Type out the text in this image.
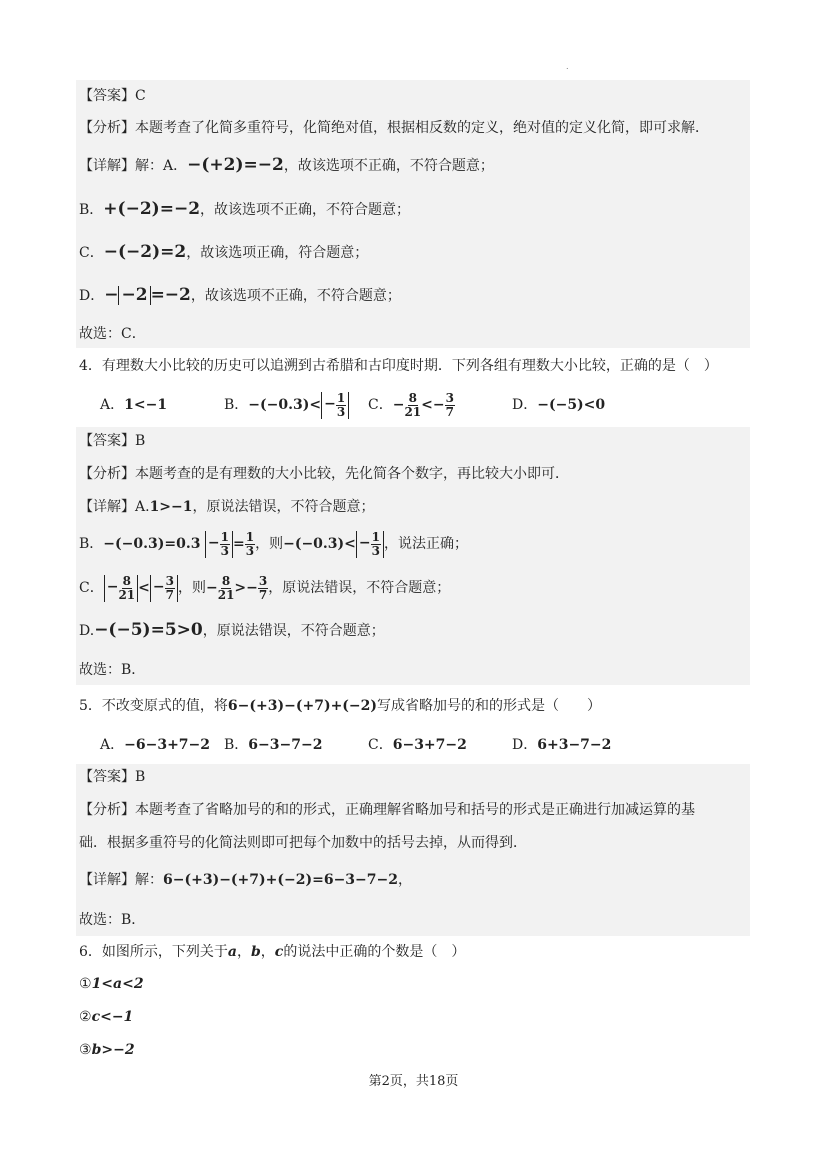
.
【答案】C
【分析】本题考查了化简多重符号，化简绝对值，根据相反数的定义，绝对值的定义化简，即可求解．
【详解】解：A．−(+2)=−2，故该选项不正确，不符合题意；
B．+(−2)=−2，故该选项不正确，不符合题意；
C．−(−2)=2，故该选项正确，符合题意；
D．− −2 =−2，故该选项不正确，不符合题意；
故选：C．
4．有理数大小比较的历史可以追溯到古希腊和古印度时期．下列各组有理数大小比较，正确的是（　）
A．1<−1	B．$-(-0.3)< - \frac{1}{3}$ C．− $\frac{8}{21} <- \frac{3}{7}$	D．−(−5)<0
【答案】B
【分析】本题考查的是有理数的大小比较，先化简各个数字，再比较大小即可．
【详解】A.1>−1，原说法错误，不符合题意；
B．$-(-0.3)=0.3 - \frac{1}{3} = \frac{1}{3}$ ，则$-(-0.3)< - \frac{1}{3}$ ，说法正确；
C． − $\frac{8}{21}$ < − $\frac{3}{7}$ ，则− $\frac{8}{21} >- \frac{3}{7}$ ，原说法错误，不符合题意；
D.−(−5)=5>0，原说法错误，不符合题意；
故选：B．
5．不改变原式的值，将6−(+3)−(+7)+(−2)写成省略加号的和的形式是（　　）
A．−6−3+7−2 B．6−3−7−2	C．6−3+7−2	D．6+3−7−2
【答案】B
【分析】本题考查了省略加号的和的形式，正确理解省略加号和括号的形式是正确进行加减运算的基
础．根据多重符号的化简法则即可把每个加数中的括号去掉，从而得到．
【详解】解：6−(+3)−(+7)+(−2)=6−3−7−2，
故选：B．
6．如图所示，下列关于a，b，c的说法中正确的个数是（　）
①1<a<2
②c<−1
③b>−2
第2页，共18页
